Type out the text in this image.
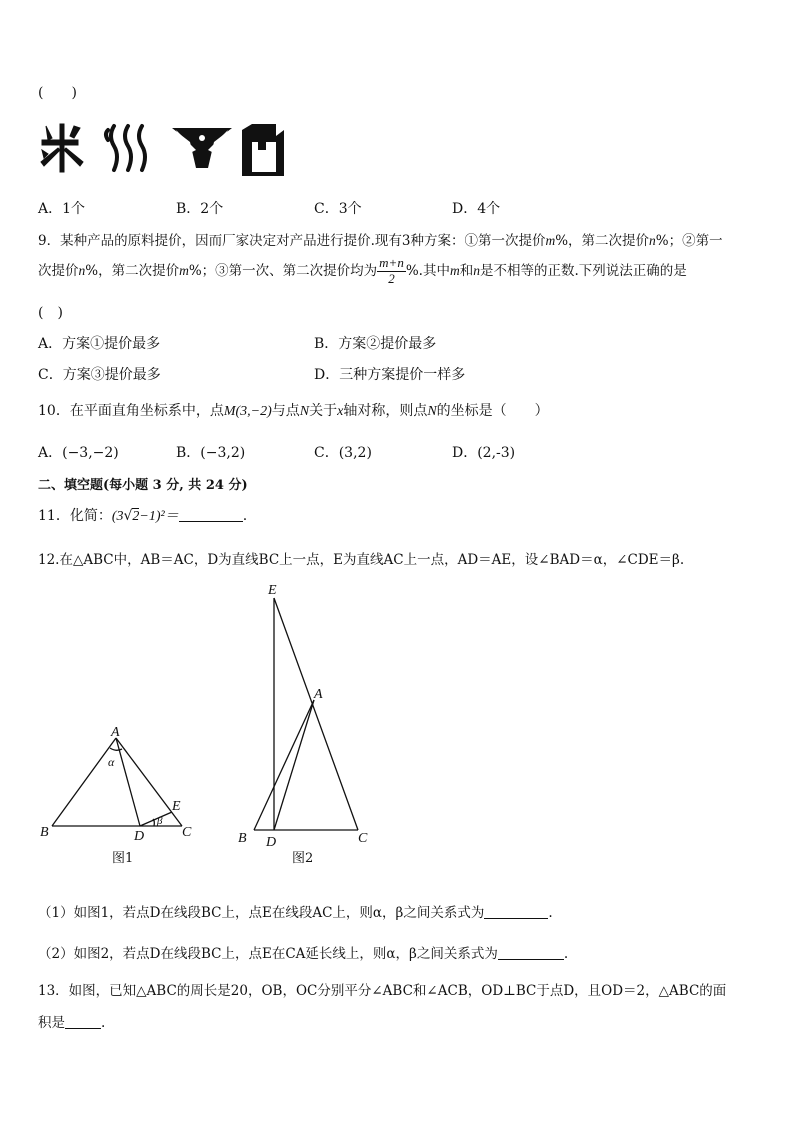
(　　)
A．1个	B．2个	C．3个	D．4个
9．某种产品的原料提价，因而厂家决定对产品进行提价.现有3种方案：①第一次提价m%，第二次提价n%；②第一
次提价n%，第二次提价m%；③第一次、第二次提价均为 $\frac{m+n}{2}$ %.其中m和n是不相等的正数.下列说法正确的是
(　)
A．方案①提价最多	B．方案②提价最多
C．方案③提价最多	D．三种方案提价一样多
10．在平面直角坐标系中，点M(3,−2)与点N关于x轴对称，则点N的坐标是（　　）
A．(−3,−2)	B．(−3,2)	C．(3,2)	D．(2,-3)
二、填空题(每小题 3 分, 共 24 分)
11．化简：(3√2−1)²＝	.
12.在△ABC中，AB＝AC，D为直线BC上一点，E为直线AC上一点，AD＝AE，设∠BAD＝α，∠CDE＝β.
A
α
E
β
B	D	C
图1
E
A
B D	C
图2
（1）如图1，若点D在线段BC上，点E在线段AC上，则α，β之间关系式为	.
（2）如图2，若点D在线段BC上，点E在CA延长线上，则α，β之间关系式为	.
13．如图，已知△ABC的周长是20，OB，OC分别平分∠ABC和∠ACB，OD⊥BC于点D，且OD＝2，△ABC的面
积是	.
